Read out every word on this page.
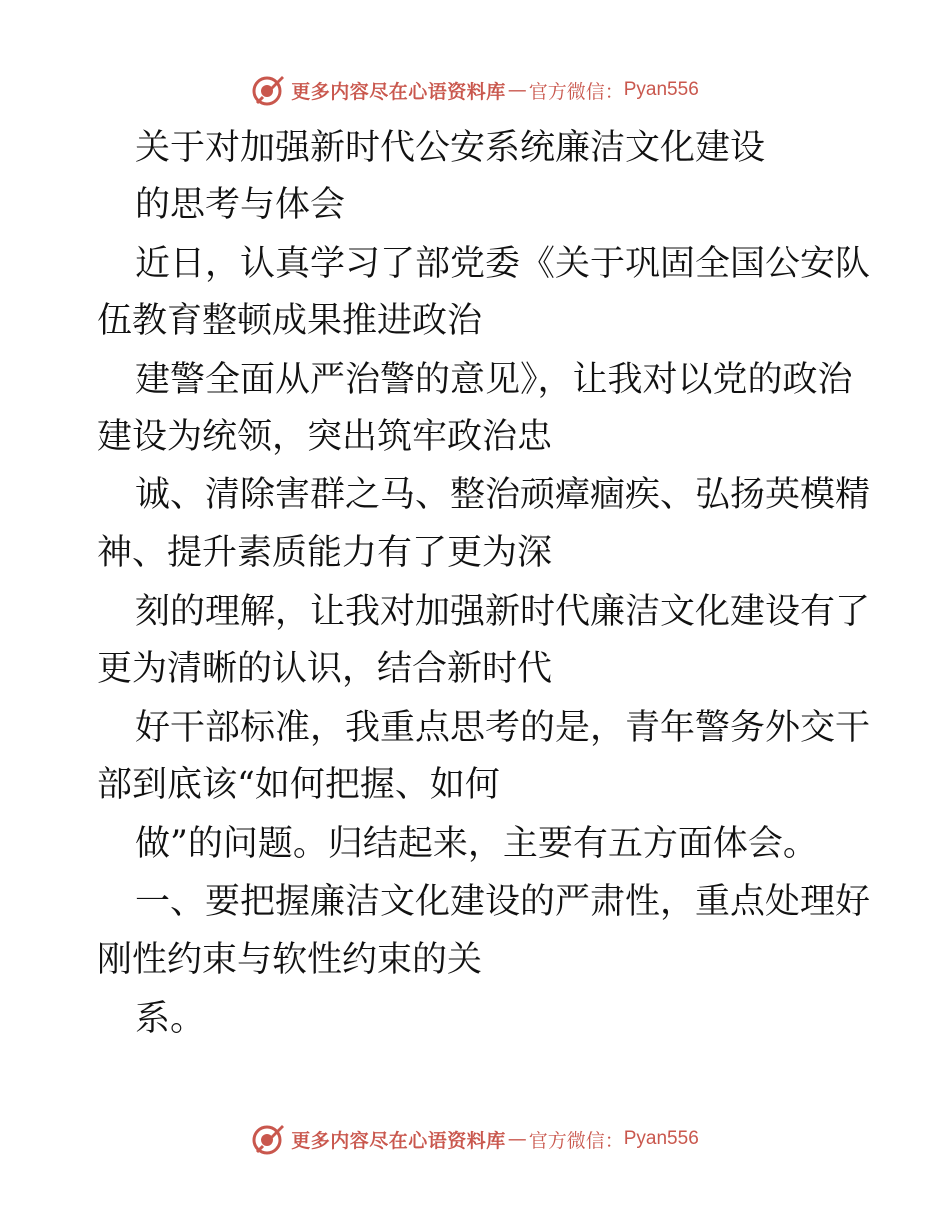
更多内容尽在心语资料库 — 官方微信： Pyan556
关于对加强新时代公安系统廉洁文化建设
的思考与体会
近日，认真学习了部党委《关于巩固全国公安队
伍教育整顿成果推进政治
建警全面从严治警的意见》，让我对以党的政治
建设为统领，突出筑牢政治忠
诚、清除害群之马、整治顽瘴痼疾、弘扬英模精
神、提升素质能力有了更为深
刻的理解，让我对加强新时代廉洁文化建设有了
更为清晰的认识，结合新时代
好干部标准，我重点思考的是，青年警务外交干
部到底该“如何把握、如何
做”的问题。归结起来，主要有五方面体会。
一、要把握廉洁文化建设的严肃性，重点处理好
刚性约束与软性约束的关
系。
更多内容尽在心语资料库 — 官方微信： Pyan556
